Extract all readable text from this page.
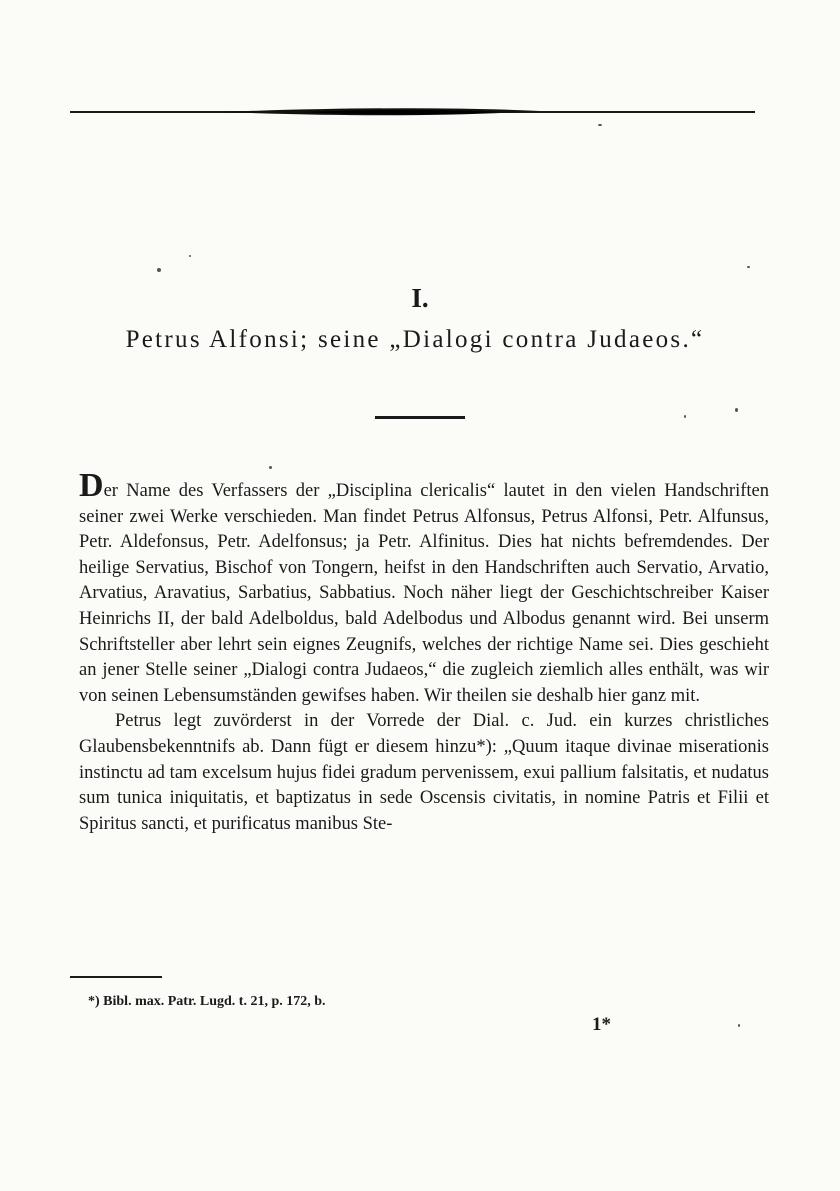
I.
Petrus Alfonsi; seine „Dialogi contra Judaeos.“

Der Name des Verfassers der „Disciplina clericalis“ lautet in den vielen Handschriften seiner zwei Werke verschieden. Man findet Petrus Alfonsus, Petrus Alfonsi, Petr. Alfunsus, Petr. Aldefonsus, Petr. Adelfonsus; ja Petr. Alfinitus. Dies hat nichts befremdendes. Der heilige Servatius, Bischof von Tongern, heifst in den Handschriften auch Servatio, Arvatio, Arvatius, Aravatius, Sarbatius, Sabbatius. Noch näher liegt der Geschichtschreiber Kaiser Heinrichs II, der bald Adelboldus, bald Adelbodus und Albodus genannt wird. Bei unserm Schriftsteller aber lehrt sein eignes Zeugnifs, welches der richtige Name sei. Dies geschieht an jener Stelle seiner „Dialogi contra Judaeos,“ die zugleich ziemlich alles enthält, was wir von seinen Lebensumständen gewifses haben. Wir theilen sie deshalb hier ganz mit.

Petrus legt zuvörderst in der Vorrede der Dial. c. Jud. ein kurzes christliches Glaubensbekenntnifs ab. Dann fügt er diesem hinzu*): „Quum itaque divinae miserationis instinctu ad tam excelsum hujus fidei gradum pervenissem, exui pallium falsitatis, et nudatus sum tunica iniquitatis, et baptizatus in sede Oscensis civitatis, in nomine Patris et Filii et Spiritus sancti, et purificatus manibus Ste-

*) Bibl. max. Patr. Lugd. t. 21, p. 172, b.
1*
